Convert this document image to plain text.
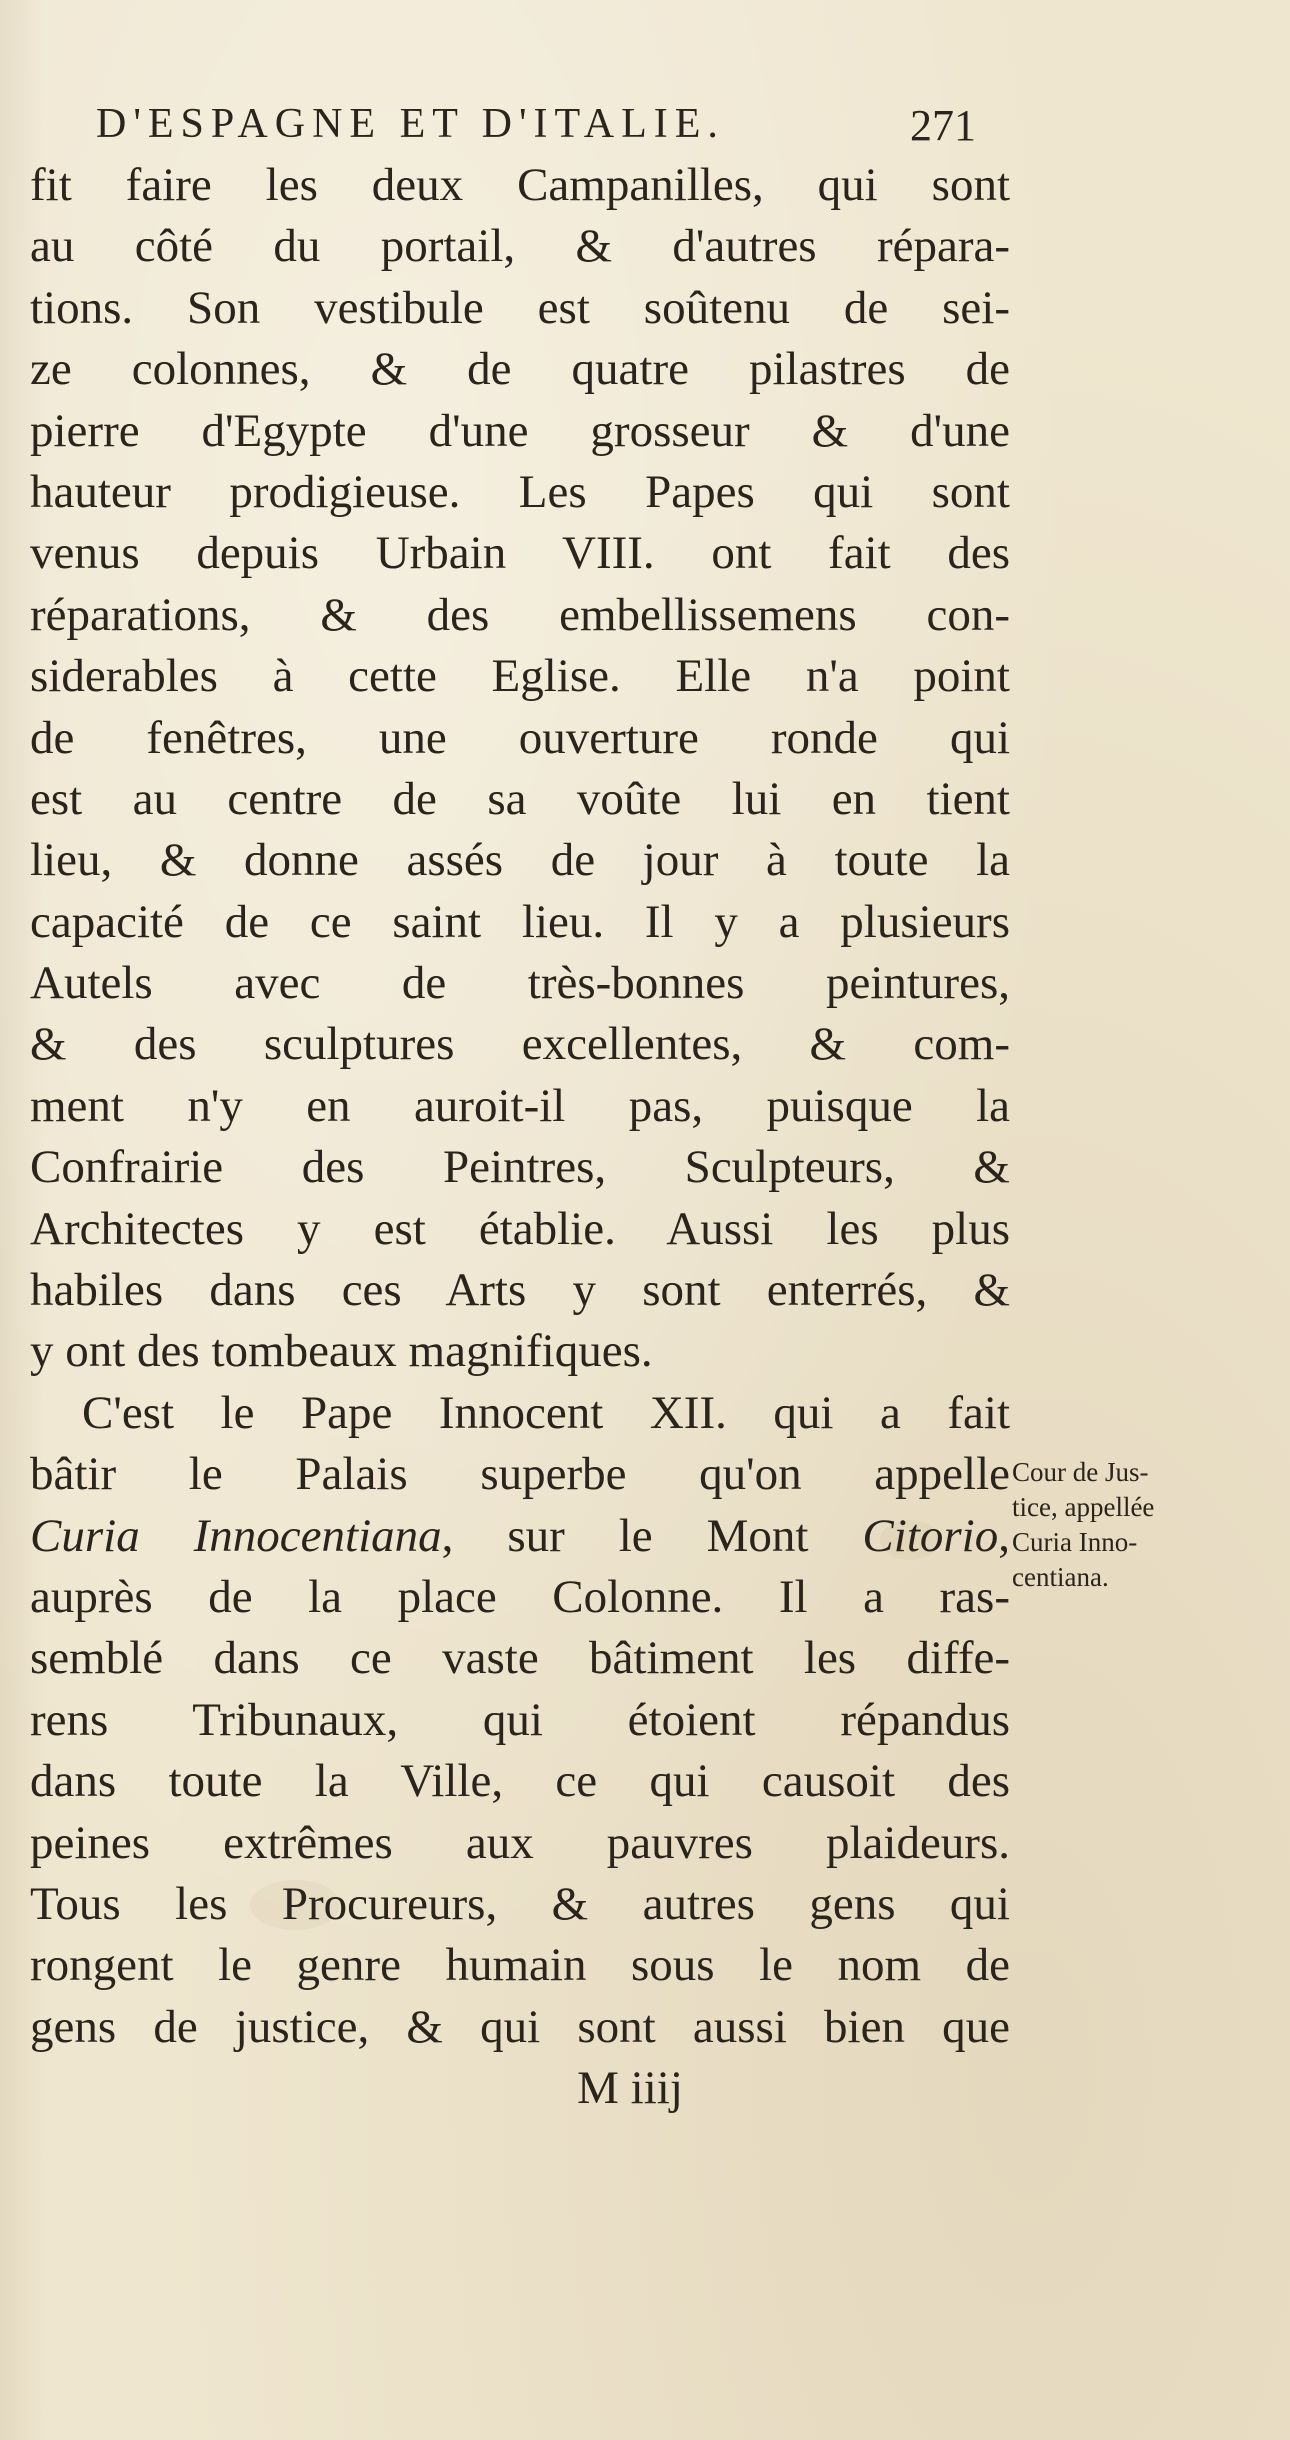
D'ESPAGNE ET D'ITALIE.	271
fit faire les deux Campanilles, qui sont
au côté du portail, & d'autres répara-
tions. Son vestibule est soûtenu de sei-
ze colonnes, & de quatre pilastres de
pierre d'Egypte d'une grosseur & d'une
hauteur prodigieuse. Les Papes qui sont
venus depuis Urbain VIII. ont fait des
réparations, & des embellissemens con-
siderables à cette Eglise. Elle n'a point
de fenêtres, une ouverture ronde qui
est au centre de sa voûte lui en tient
lieu, & donne assés de jour à toute la
capacité de ce saint lieu. Il y a plusieurs
Autels avec de très-bonnes peintures,
& des sculptures excellentes, & com-
ment n'y en auroit-il pas, puisque la
Confrairie des Peintres, Sculpteurs, &
Architectes y est établie. Aussi les plus
habiles dans ces Arts y sont enterrés, &
y ont des tombeaux magnifiques.
C'est le Pape Innocent XII. qui a fait
bâtir le Palais superbe qu'on appelle
Curia Innocentiana, sur le Mont Citorio,
auprès de la place Colonne. Il a ras-
semblé dans ce vaste bâtiment les diffe-
rens Tribunaux, qui étoient répandus
dans toute la Ville, ce qui causoit des
peines extrêmes aux pauvres plaideurs.
Tous les Procureurs, & autres gens qui
rongent le genre humain sous le nom de
gens de justice, & qui sont aussi bien que
M iiij
Cour de Jus-
tice, appellée
Curia Inno-
centiana.
